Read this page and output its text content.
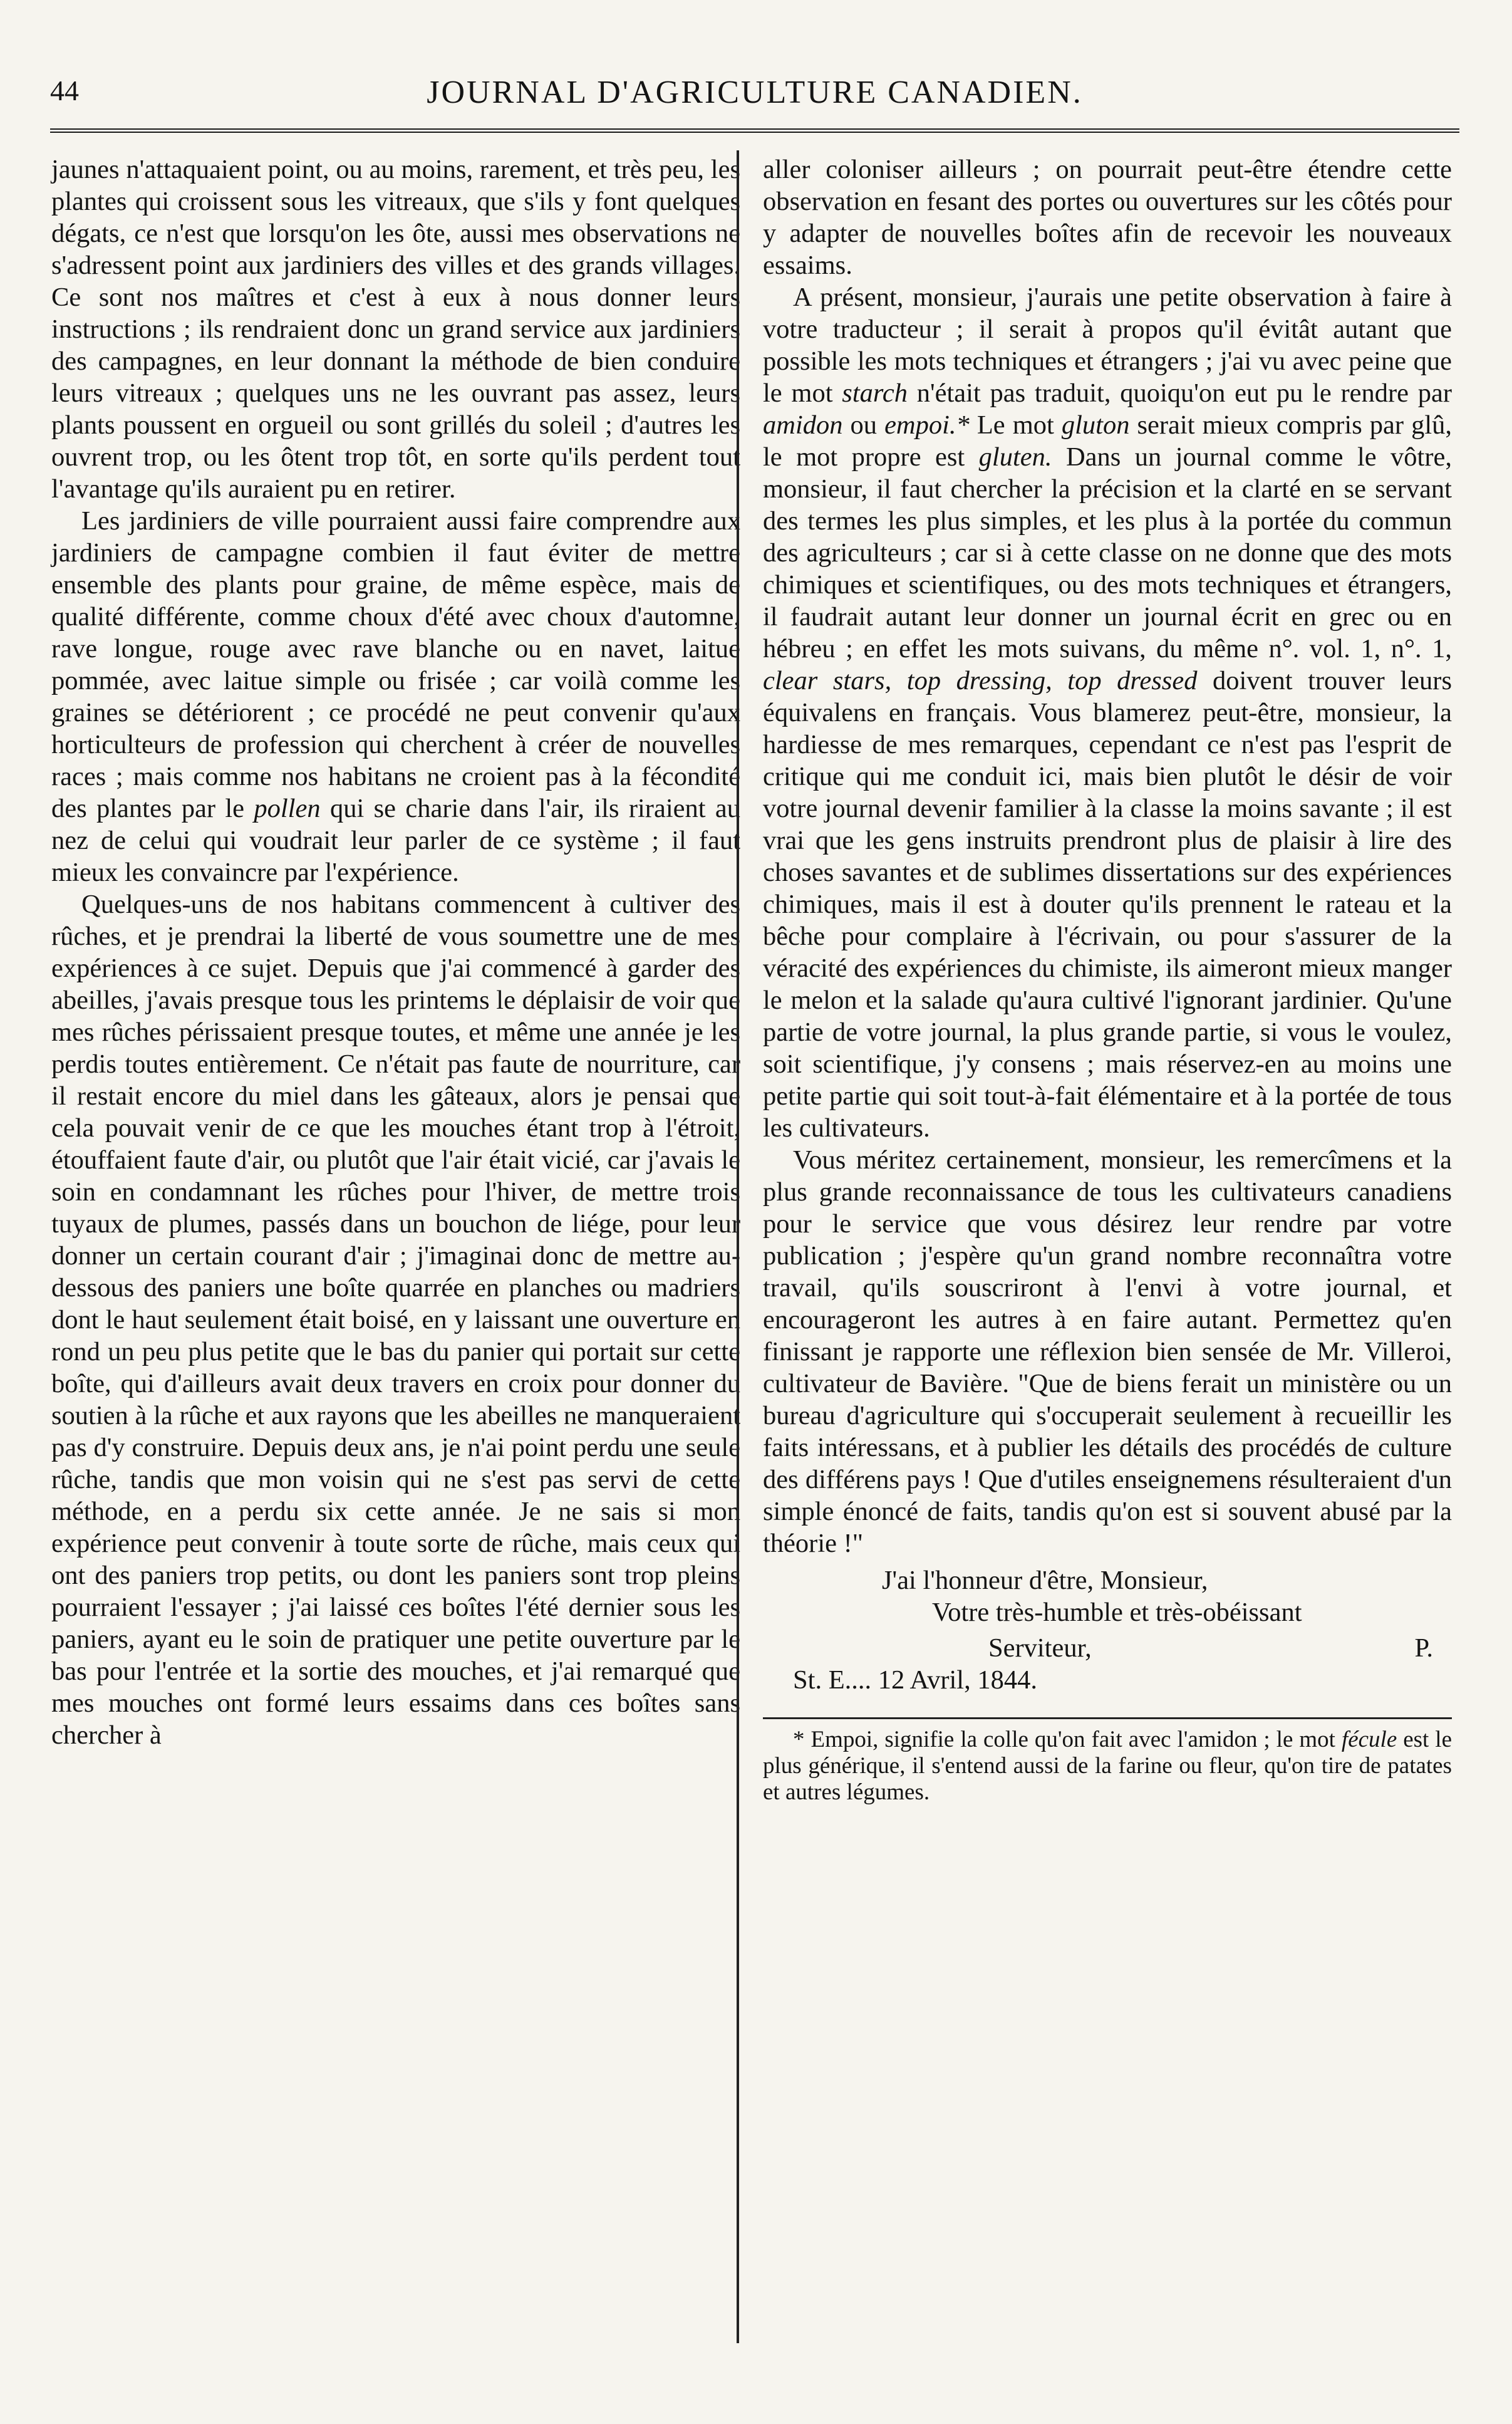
44	JOURNAL D'AGRICULTURE CANADIEN.

jaunes n'attaquaient point, ou au moins, rarement, et très peu, les plantes qui croissent sous les vitreaux, que s'ils y font quelques dégats, ce n'est que lorsqu'on les ôte, aussi mes observations ne s'adressent point aux jardiniers des villes et des grands villages. Ce sont nos maîtres et c'est à eux à nous donner leurs instructions ; ils rendraient donc un grand service aux jardiniers des campagnes, en leur donnant la méthode de bien conduire leurs vitreaux ; quelques uns ne les ouvrant pas assez, leurs plants poussent en orgueil ou sont grillés du soleil ; d'autres les ouvrent trop, ou les ôtent trop tôt, en sorte qu'ils perdent tout l'avantage qu'ils auraient pu en retirer.

Les jardiniers de ville pourraient aussi faire comprendre aux jardiniers de campagne combien il faut éviter de mettre ensemble des plants pour graine, de même espèce, mais de qualité différente, comme choux d'été avec choux d'automne, rave longue, rouge avec rave blanche ou en navet, laitue pommée, avec laitue simple ou frisée ; car voilà comme les graines se détériorent ; ce procédé ne peut convenir qu'aux horticulteurs de profession qui cherchent à créer de nouvelles races ; mais comme nos habitans ne croient pas à la fécondité des plantes par le pollen qui se charie dans l'air, ils riraient au nez de celui qui voudrait leur parler de ce système ; il faut mieux les convaincre par l'expérience.

Quelques-uns de nos habitans commencent à cultiver des rûches, et je prendrai la liberté de vous soumettre une de mes expériences à ce sujet. Depuis que j'ai commencé à garder des abeilles, j'avais presque tous les printems le déplaisir de voir que mes rûches périssaient presque toutes, et même une année je les perdis toutes entièrement. Ce n'était pas faute de nourriture, car il restait encore du miel dans les gâteaux, alors je pensai que cela pouvait venir de ce que les mouches étant trop à l'étroit, étouffaient faute d'air, ou plutôt que l'air était vicié, car j'avais le soin en condamnant les rûches pour l'hiver, de mettre trois tuyaux de plumes, passés dans un bouchon de liége, pour leur donner un certain courant d'air ; j'imaginai donc de mettre au-dessous des paniers une boîte quarrée en planches ou madriers dont le haut seulement était boisé, en y laissant une ouverture en rond un peu plus petite que le bas du panier qui portait sur cette boîte, qui d'ailleurs avait deux travers en croix pour donner du soutien à la rûche et aux rayons que les abeilles ne manqueraient pas d'y construire. Depuis deux ans, je n'ai point perdu une seule rûche, tandis que mon voisin qui ne s'est pas servi de cette méthode, en a perdu six cette année. Je ne sais si mon expérience peut convenir à toute sorte de rûche, mais ceux qui ont des paniers trop petits, ou dont les paniers sont trop pleins pourraient l'essayer ; j'ai laissé ces boîtes l'été dernier sous les paniers, ayant eu le soin de pratiquer une petite ouverture par le bas pour l'entrée et la sortie des mouches, et j'ai remarqué que mes mouches ont formé leurs essaims dans ces boîtes sans chercher à

aller coloniser ailleurs ; on pourrait peut-être étendre cette observation en fesant des portes ou ouvertures sur les côtés pour y adapter de nouvelles boîtes afin de recevoir les nouveaux essaims.

A présent, monsieur, j'aurais une petite observation à faire à votre traducteur ; il serait à propos qu'il évitât autant que possible les mots techniques et étrangers ; j'ai vu avec peine que le mot starch n'était pas traduit, quoiqu'on eut pu le rendre par amidon ou empoi.* Le mot gluton serait mieux compris par glû, le mot propre est gluten. Dans un journal comme le vôtre, monsieur, il faut chercher la précision et la clarté en se servant des termes les plus simples, et les plus à la portée du commun des agriculteurs ; car si à cette classe on ne donne que des mots chimiques et scientifiques, ou des mots techniques et étrangers, il faudrait autant leur donner un journal écrit en grec ou en hébreu ; en effet les mots suivans, du même n°. vol. 1, n°. 1, clear stars, top dressing, top dressed doivent trouver leurs équivalens en français. Vous blamerez peut-être, monsieur, la hardiesse de mes remarques, cependant ce n'est pas l'esprit de critique qui me conduit ici, mais bien plutôt le désir de voir votre journal devenir familier à la classe la moins savante ; il est vrai que les gens instruits prendront plus de plaisir à lire des choses savantes et de sublimes dissertations sur des expériences chimiques, mais il est à douter qu'ils prennent le rateau et la bêche pour complaire à l'écrivain, ou pour s'assurer de la véracité des expériences du chimiste, ils aimeront mieux manger le melon et la salade qu'aura cultivé l'ignorant jardinier. Qu'une partie de votre journal, la plus grande partie, si vous le voulez, soit scientifique, j'y consens ; mais réservez-en au moins une petite partie qui soit tout-à-fait élémentaire et à la portée de tous les cultivateurs.

Vous méritez certainement, monsieur, les remercîmens et la plus grande reconnaissance de tous les cultivateurs canadiens pour le service que vous désirez leur rendre par votre publication ; j'espère qu'un grand nombre reconnaîtra votre travail, qu'ils souscriront à l'envi à votre journal, et encourageront les autres à en faire autant. Permettez qu'en finissant je rapporte une réflexion bien sensée de Mr. Villeroi, cultivateur de Bavière. "Que de biens ferait un ministère ou un bureau d'agriculture qui s'occuperait seulement à recueillir les faits intéressans, et à publier les détails des procédés de culture des différens pays ! Que d'utiles enseignemens résulteraient d'un simple énoncé de faits, tandis qu'on est si souvent abusé par la théorie !"

J'ai l'honneur d'être, Monsieur,
Votre très-humble et très-obéissant
Serviteur,	P.
St. E.... 12 Avril, 1844.

* Empoi, signifie la colle qu'on fait avec l'amidon ; le mot fécule est le plus générique, il s'entend aussi de la farine ou fleur, qu'on tire de patates et autres légumes.
